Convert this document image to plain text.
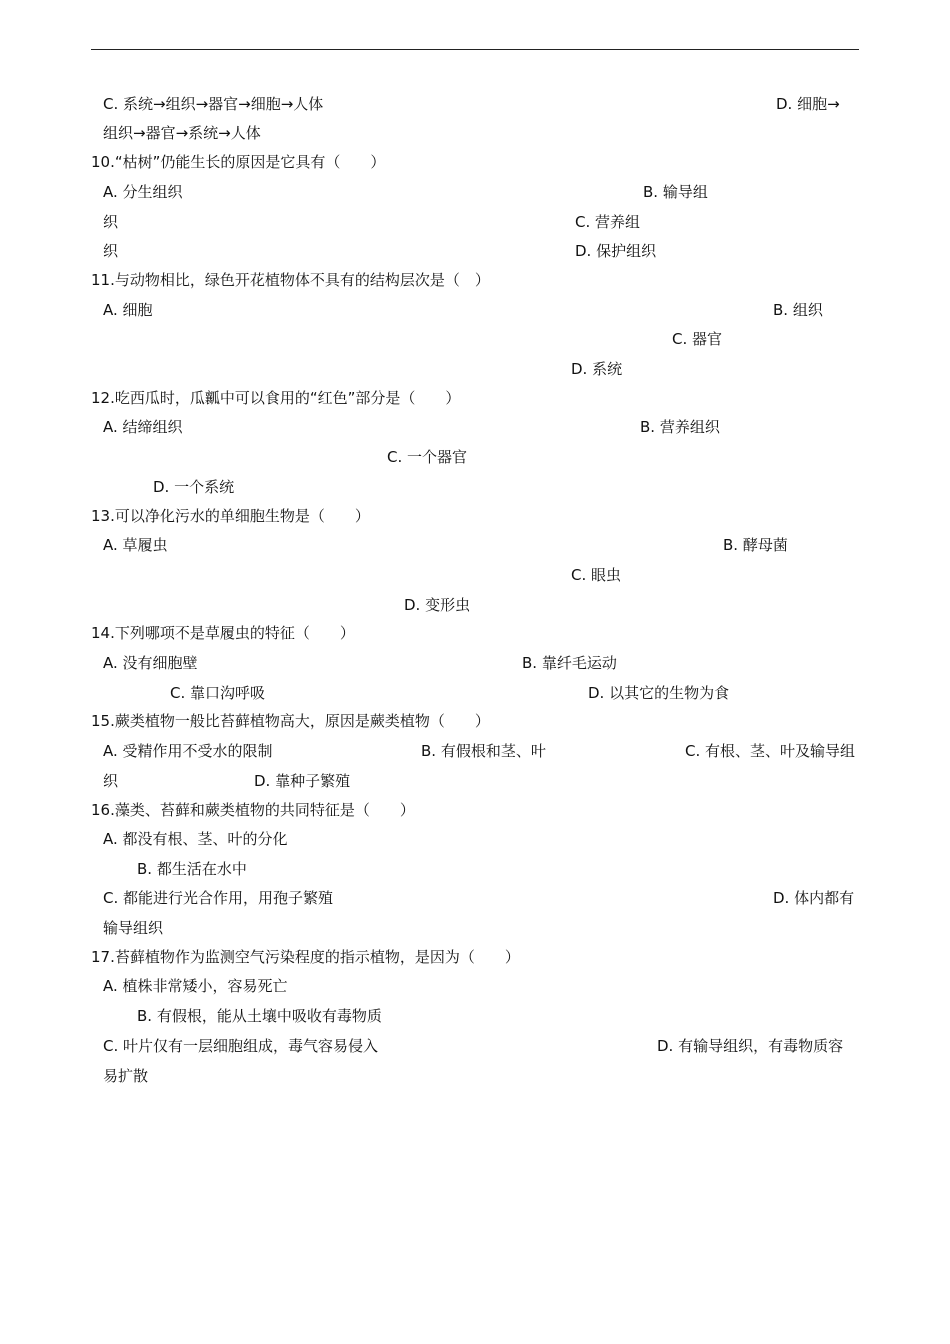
C. 系统→组织→器官→细胞→人体	D. 细胞→
组织→器官→系统→人体
10.“枯树”仍能生长的原因是它具有（　　）
A. 分生组织	B. 输导组
织	C. 营养组
织	D. 保护组织
11.与动物相比，绿色开花植物体不具有的结构层次是（　）
A. 细胞	B. 组织
C. 器官
D. 系统
12.吃西瓜时，瓜瓤中可以食用的“红色”部分是（　　）
A. 结缔组织	B. 营养组织
C. 一个器官
D. 一个系统
13.可以净化污水的单细胞生物是（　　）
A. 草履虫	B. 酵母菌
C. 眼虫
D. 变形虫
14.下列哪项不是草履虫的特征（　　）
A. 没有细胞壁	B. 靠纤毛运动
C. 靠口沟呼吸	D. 以其它的生物为食
15.蕨类植物一般比苔藓植物高大，原因是蕨类植物（　　）
A. 受精作用不受水的限制	B. 有假根和茎、叶	C. 有根、茎、叶及输导组
织	D. 靠种子繁殖
16.藻类、苔藓和蕨类植物的共同特征是（　　）
A. 都没有根、茎、叶的分化
B. 都生活在水中
C. 都能进行光合作用，用孢子繁殖	D. 体内都有
输导组织
17.苔藓植物作为监测空气污染程度的指示植物，是因为（　　）
A. 植株非常矮小，容易死亡
B. 有假根，能从土壤中吸收有毒物质
C. 叶片仅有一层细胞组成，毒气容易侵入	D. 有输导组织，有毒物质容
易扩散
